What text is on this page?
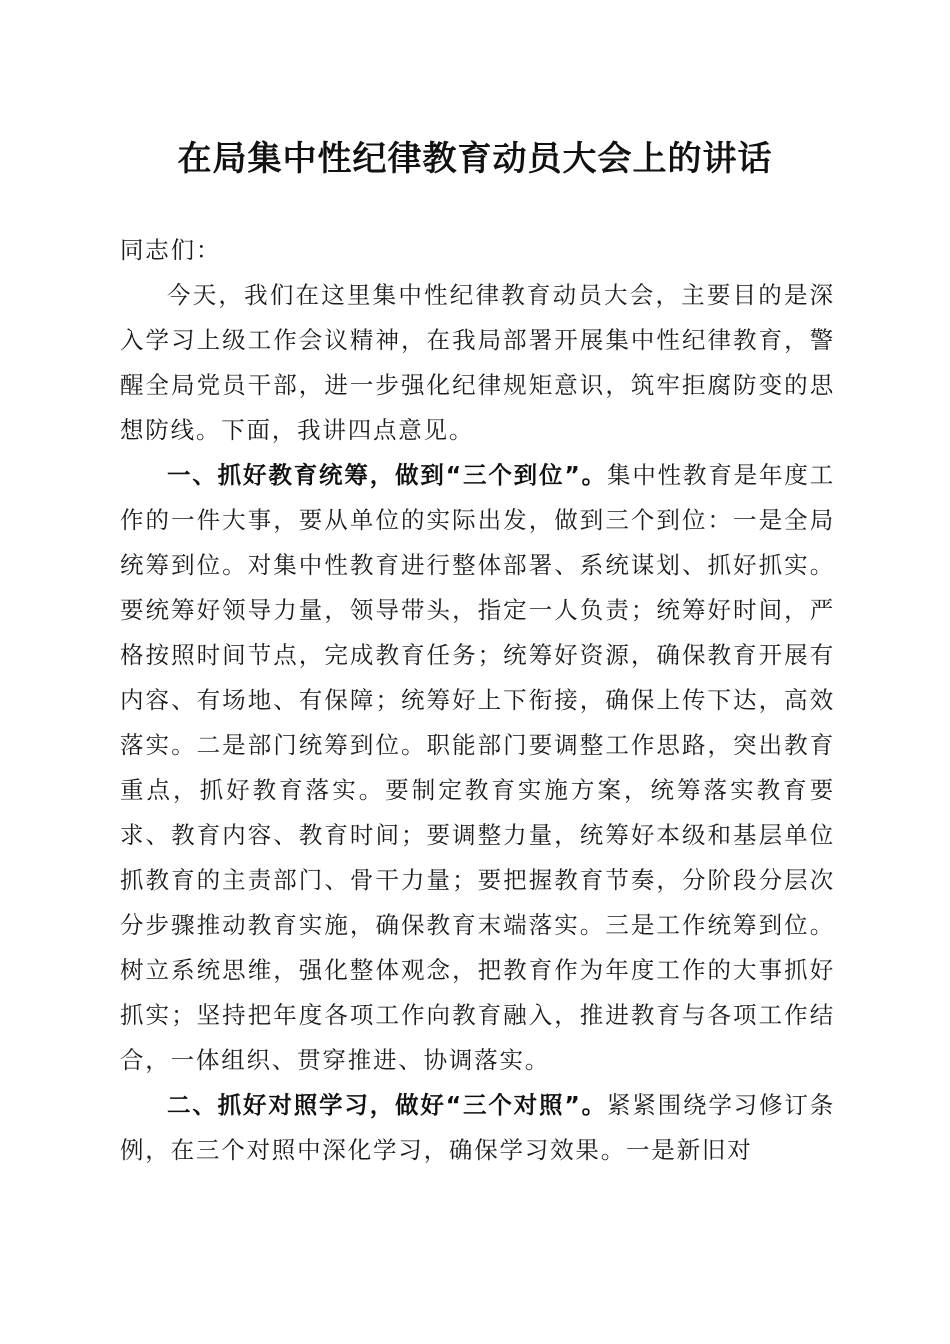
在局集中性纪律教育动员大会上的讲话

同志们：

今天，我们在这里集中性纪律教育动员大会，主要目的是深入学习上级工作会议精神，在我局部署开展集中性纪律教育，警醒全局党员干部，进一步强化纪律规矩意识，筑牢拒腐防变的思想防线。下面，我讲四点意见。

一、抓好教育统筹，做到“三个到位”。集中性教育是年度工作的一件大事，要从单位的实际出发，做到三个到位：一是全局统筹到位。对集中性教育进行整体部署、系统谋划、抓好抓实。要统筹好领导力量，领导带头，指定一人负责；统筹好时间，严格按照时间节点，完成教育任务；统筹好资源，确保教育开展有内容、有场地、有保障；统筹好上下衔接，确保上传下达，高效落实。二是部门统筹到位。职能部门要调整工作思路，突出教育重点，抓好教育落实。要制定教育实施方案，统筹落实教育要求、教育内容、教育时间；要调整力量，统筹好本级和基层单位抓教育的主责部门、骨干力量；要把握教育节奏，分阶段分层次分步骤推动教育实施，确保教育末端落实。三是工作统筹到位。树立系统思维，强化整体观念，把教育作为年度工作的大事抓好抓实；坚持把年度各项工作向教育融入，推进教育与各项工作结合，一体组织、贯穿推进、协调落实。

二、抓好对照学习，做好“三个对照”。紧紧围绕学习修订条例，在三个对照中深化学习，确保学习效果。一是新旧对
